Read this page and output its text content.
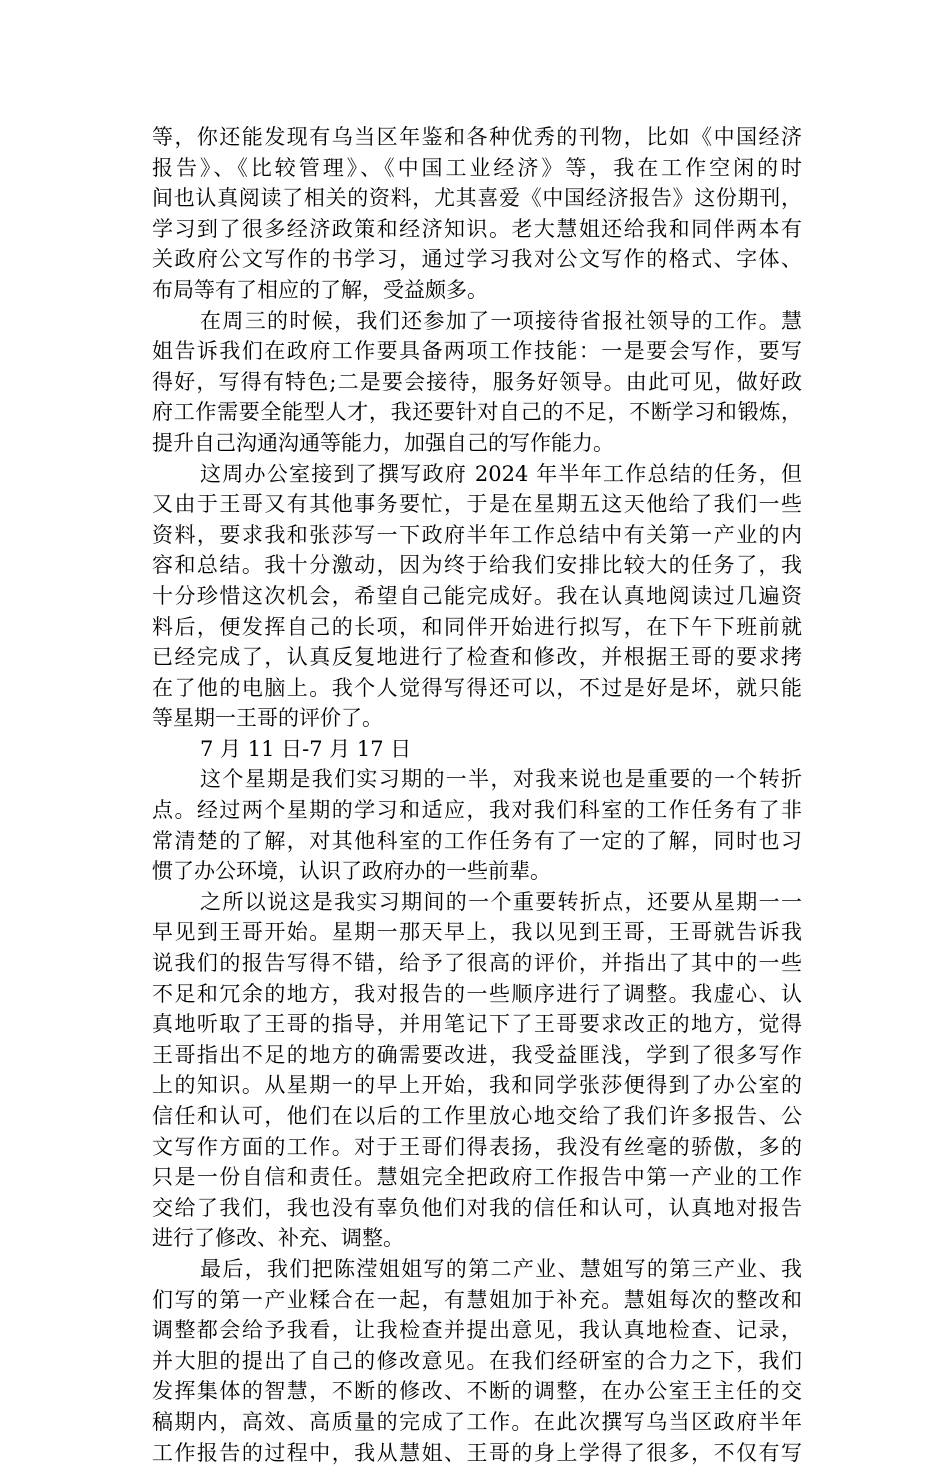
等，你还能发现有乌当区年鉴和各种优秀的刊物，比如《中国经济
报告》、《比较管理》、《中国工业经济》等，我在工作空闲的时
间也认真阅读了相关的资料，尤其喜爱《中国经济报告》这份期刊，
学习到了很多经济政策和经济知识。老大慧姐还给我和同伴两本有
关政府公文写作的书学习，通过学习我对公文写作的格式、字体、
布局等有了相应的了解，受益颇多。
在周三的时候，我们还参加了一项接待省报社领导的工作。慧
姐告诉我们在政府工作要具备两项工作技能：一是要会写作，要写
得好，写得有特色;二是要会接待，服务好领导。由此可见，做好政
府工作需要全能型人才，我还要针对自己的不足，不断学习和锻炼，
提升自己沟通沟通等能力，加强自己的写作能力。
这周办公室接到了撰写政府 2024 年半年工作总结的任务，但
又由于王哥又有其他事务要忙，于是在星期五这天他给了我们一些
资料，要求我和张莎写一下政府半年工作总结中有关第一产业的内
容和总结。我十分激动，因为终于给我们安排比较大的任务了，我
十分珍惜这次机会，希望自己能完成好。我在认真地阅读过几遍资
料后，便发挥自己的长项，和同伴开始进行拟写，在下午下班前就
已经完成了，认真反复地进行了检查和修改，并根据王哥的要求拷
在了他的电脑上。我个人觉得写得还可以，不过是好是坏，就只能
等星期一王哥的评价了。
7 月 11 日-7 月 17 日
这个星期是我们实习期的一半，对我来说也是重要的一个转折
点。经过两个星期的学习和适应，我对我们科室的工作任务有了非
常清楚的了解，对其他科室的工作任务有了一定的了解，同时也习
惯了办公环境，认识了政府办的一些前辈。
之所以说这是我实习期间的一个重要转折点，还要从星期一一
早见到王哥开始。星期一那天早上，我以见到王哥，王哥就告诉我
说我们的报告写得不错，给予了很高的评价，并指出了其中的一些
不足和冗余的地方，我对报告的一些顺序进行了调整。我虚心、认
真地听取了王哥的指导，并用笔记下了王哥要求改正的地方，觉得
王哥指出不足的地方的确需要改进，我受益匪浅，学到了很多写作
上的知识。从星期一的早上开始，我和同学张莎便得到了办公室的
信任和认可，他们在以后的工作里放心地交给了我们许多报告、公
文写作方面的工作。对于王哥们得表扬，我没有丝毫的骄傲，多的
只是一份自信和责任。慧姐完全把政府工作报告中第一产业的工作
交给了我们，我也没有辜负他们对我的信任和认可，认真地对报告
进行了修改、补充、调整。
最后，我们把陈滢姐姐写的第二产业、慧姐写的第三产业、我
们写的第一产业糅合在一起，有慧姐加于补充。慧姐每次的整改和
调整都会给予我看，让我检查并提出意见，我认真地检查、记录，
并大胆的提出了自己的修改意见。在我们经研室的合力之下，我们
发挥集体的智慧，不断的修改、不断的调整，在办公室王主任的交
稿期内，高效、高质量的完成了工作。在此次撰写乌当区政府半年
工作报告的过程中，我从慧姐、王哥的身上学得了很多，不仅有写
